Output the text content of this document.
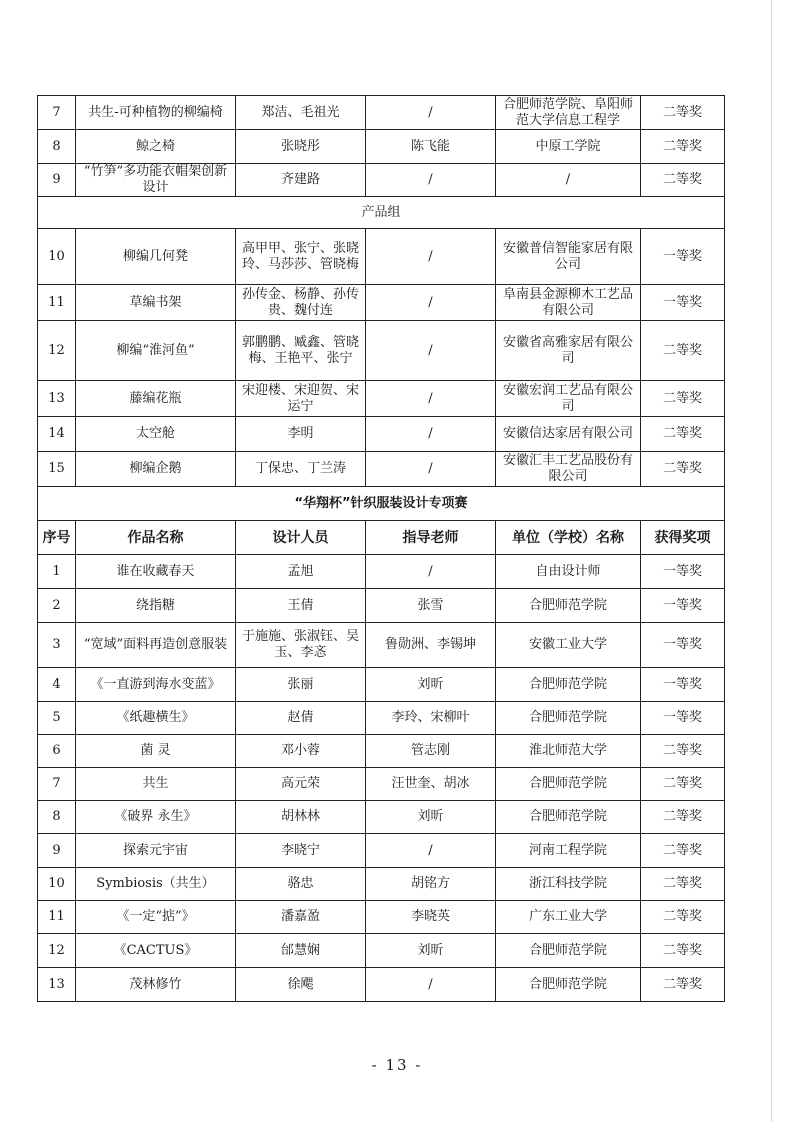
7	共生-可种植物的柳编椅	郑洁、毛祖光	/	合肥师范学院、阜阳师范大学信息工程学	二等奖
8	鲸之椅	张晓彤	陈飞能	中原工学院	二等奖
9	“竹笋”多功能衣帽架创新设计	齐建路	/	/	二等奖
产品组					
10	柳编几何凳	高甲甲、张宁、张晓玲、马莎莎、管晓梅	/	安徽普信智能家居有限公司	一等奖
11	草编书架	孙传金、杨静、孙传贵、魏付连	/	阜南县金源柳木工艺品有限公司	一等奖
12	柳编“淮河鱼”	郭鹏鹏、臧鑫、管晓梅、王艳平、张宁	/	安徽省高雅家居有限公司	二等奖
13	藤编花瓶	宋迎楼、宋迎贺、宋运宁	/	安徽宏润工艺品有限公司	二等奖
14	太空舱	李明	/	安徽信达家居有限公司	二等奖
15	柳编企鹅	丁保忠、丁兰涛	/	安徽汇丰工艺品股份有限公司	二等奖
“华翔杯”针织服装设计专项赛					
序号	作品名称	设计人员	指导老师	单位（学校）名称	获得奖项
1	谁在收藏春天	孟旭	/	自由设计师	一等奖
2	绕指糖	王倩	张雪	合肥师范学院	一等奖
3	“宽域”面料再造创意服装	于施施、张淑钰、吴玉、李忞	鲁勋洲、李锡坤	安徽工业大学	一等奖
4	《一直游到海水变蓝》	张丽	刘昕	合肥师范学院	一等奖
5	《纸趣横生》	赵倩	李玲、宋柳叶	合肥师范学院	一等奖
6	菌 灵	邓小蓉	管志刚	淮北师范大学	二等奖
7	共生	高元荣	汪世奎、胡冰	合肥师范学院	二等奖
8	《破界 永生》	胡林林	刘昕	合肥师范学院	二等奖
9	探索元宇宙	李晓宁	/	河南工程学院	二等奖
10	Symbiosis（共生）	骆忠	胡铭方	浙江科技学院	二等奖
11	《一定“掂”》	潘嘉盈	李晓英	广东工业大学	二等奖
12	《CACTUS》	邰慧娴	刘昕	合肥师范学院	二等奖
13	茂林修竹	徐飔	/	合肥师范学院	二等奖
- 13 -
